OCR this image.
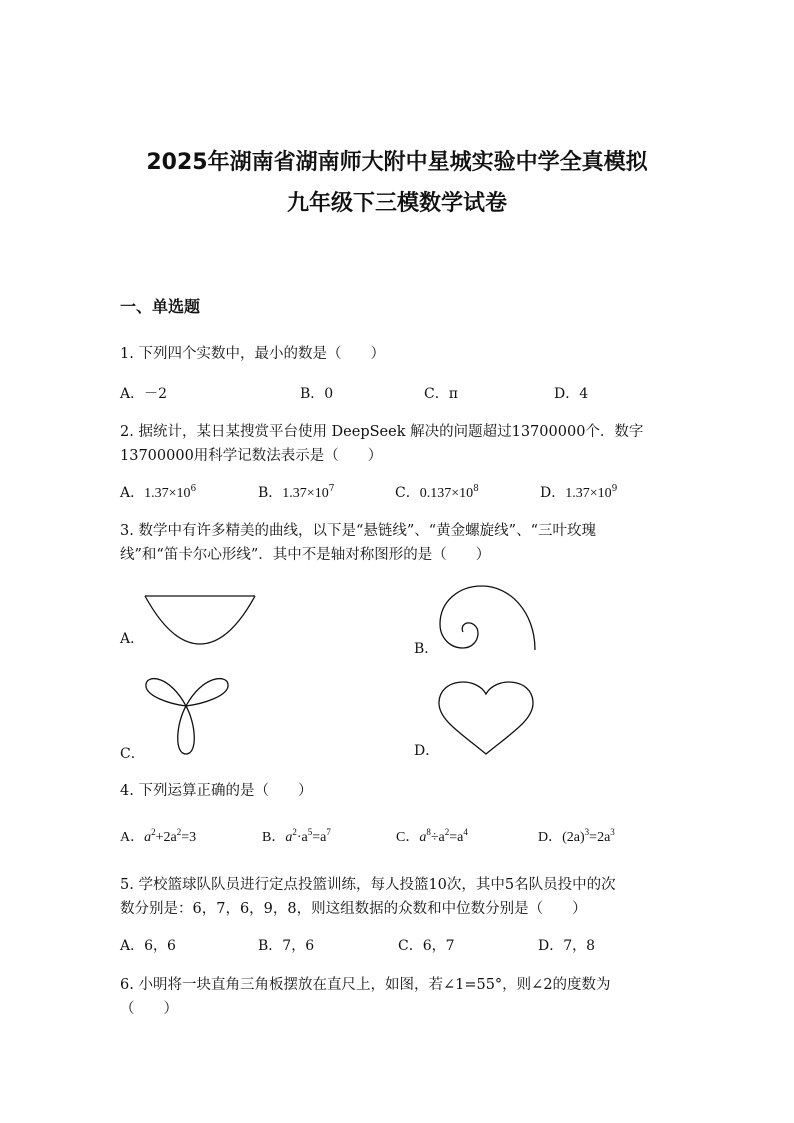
2025年湖南省湖南师大附中星城实验中学全真模拟
九年级下三模数学试卷
一、单选题
1. 下列四个实数中，最小的数是（　　）
A．－2	B．0	C．π	D．4
2. 据统计，某日某搜赏平台使用 DeepSeek 解决的问题超过13700000个．数字
13700000用科学记数法表示是（　　）
A．$1.37\times 10^6$	B．$1.37\times 10^7$	C．$0.137\times 10^8$	D．$1.37\times 10^9$
3. 数学中有许多精美的曲线，以下是“悬链线”、“黄金螺旋线”、“三叶玫瑰
线”和“笛卡尔心形线”．其中不是轴对称图形的是（　　）
A．
B．
C．	D．
4. 下列运算正确的是（　　）
A．$a^2+2a^2=3$	B．$a^2\cdot a^5=a^7$	C．$a^8\div a^2=a^4$	D．$(2a)^3=2a^3$
5. 学校篮球队队员进行定点投篮训练，每人投篮10次，其中5名队员投中的次
数分别是：6，7，6，9，8，则这组数据的众数和中位数分别是（　　）
A．6，6	B．7，6	C．6，7	D．7，8
6. 小明将一块直角三角板摆放在直尺上，如图，若∠1=55°，则∠2的度数为
（　　）
